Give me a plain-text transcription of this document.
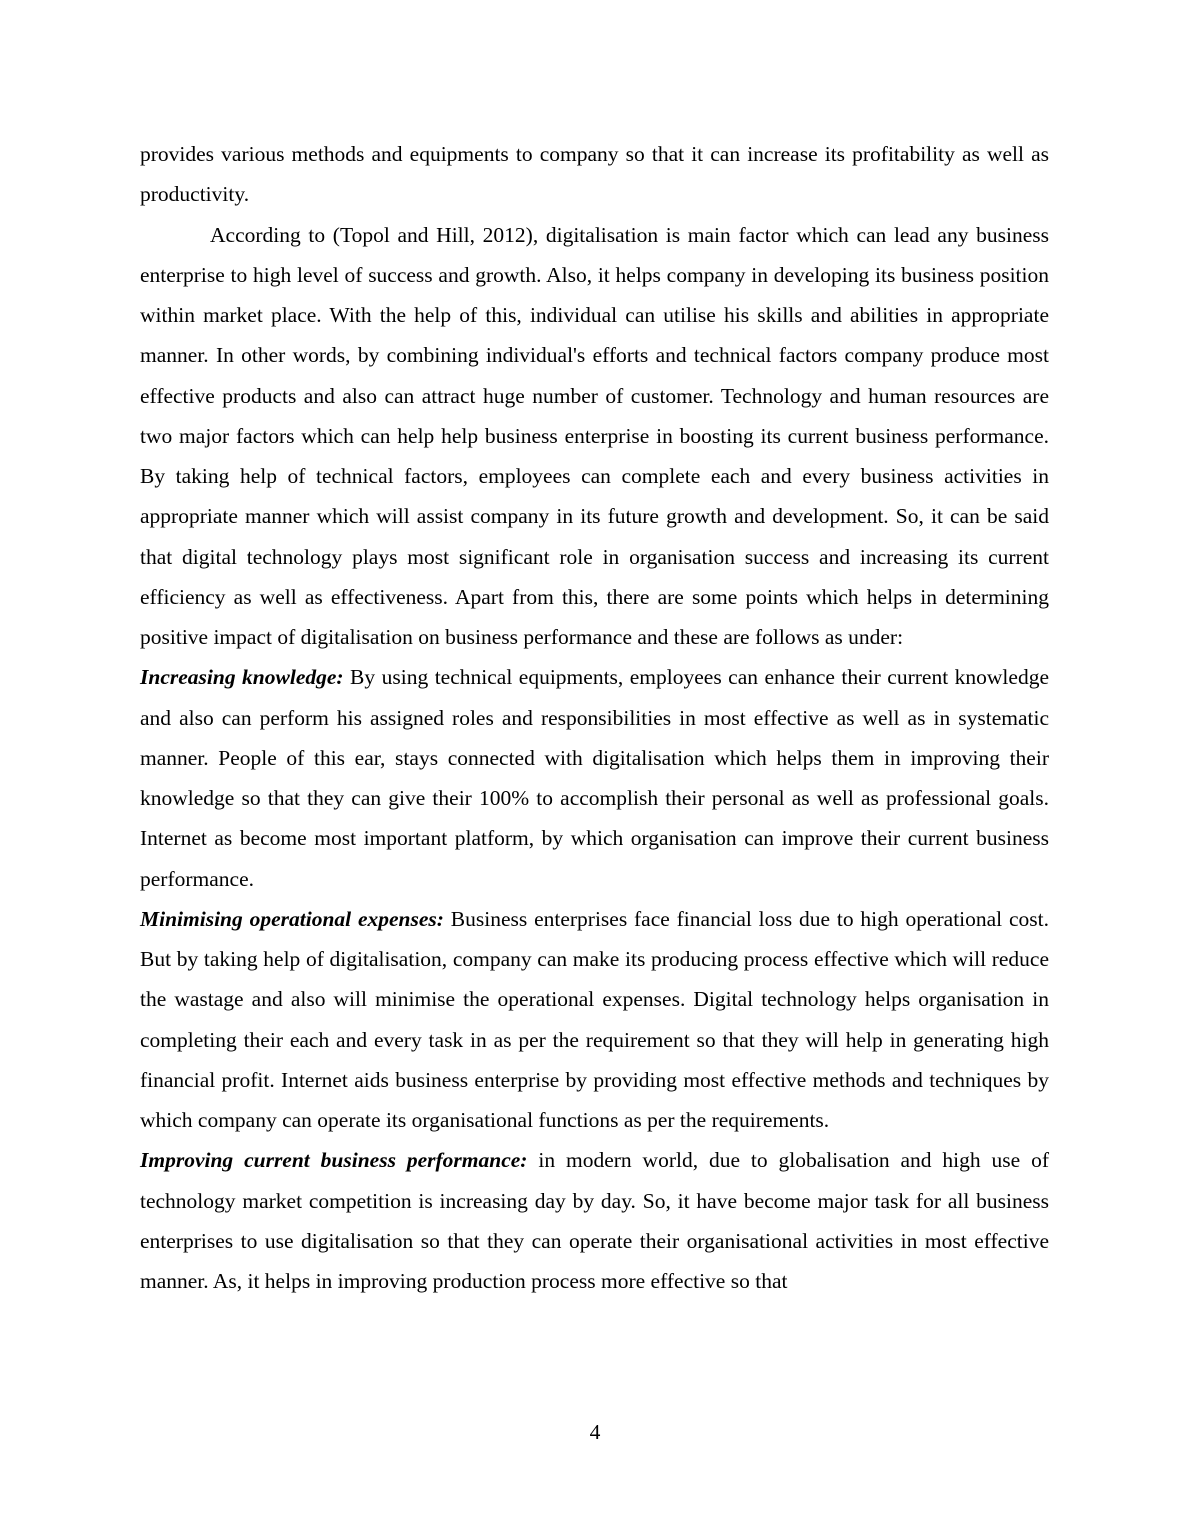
provides various methods and equipments to company so that it can increase its profitability as well as productivity.

According to (Topol and Hill, 2012), digitalisation is main factor which can lead any business enterprise to high level of success and growth. Also, it helps company in developing its business position within market place. With the help of this, individual can utilise his skills and abilities in appropriate manner. In other words, by combining individual's efforts and technical factors company produce most effective products and also can attract huge number of customer. Technology and human resources are two major factors which can help help business enterprise in boosting its current business performance. By taking help of technical factors, employees can complete each and every business activities in appropriate manner which will assist company in its future growth and development. So, it can be said that digital technology plays most significant role in organisation success and increasing its current efficiency as well as effectiveness. Apart from this, there are some points which helps in determining positive impact of digitalisation on business performance and these are follows as under:

Increasing knowledge: By using technical equipments, employees can enhance their current knowledge and also can perform his assigned roles and responsibilities in most effective as well as in systematic manner. People of this ear, stays connected with digitalisation which helps them in improving their knowledge so that they can give their 100% to accomplish their personal as well as professional goals. Internet as become most important platform, by which organisation can improve their current business performance.

Minimising operational expenses: Business enterprises face financial loss due to high operational cost. But by taking help of digitalisation, company can make its producing process effective which will reduce the wastage and also will minimise the operational expenses. Digital technology helps organisation in completing their each and every task in as per the requirement so that they will help in generating high financial profit. Internet aids business enterprise by providing most effective methods and techniques by which company can operate its organisational functions as per the requirements.

Improving current business performance: in modern world, due to globalisation and high use of technology market competition is increasing day by day. So, it have become major task for all business enterprises to use digitalisation so that they can operate their organisational activities in most effective manner. As, it helps in improving production process more effective so that

4
